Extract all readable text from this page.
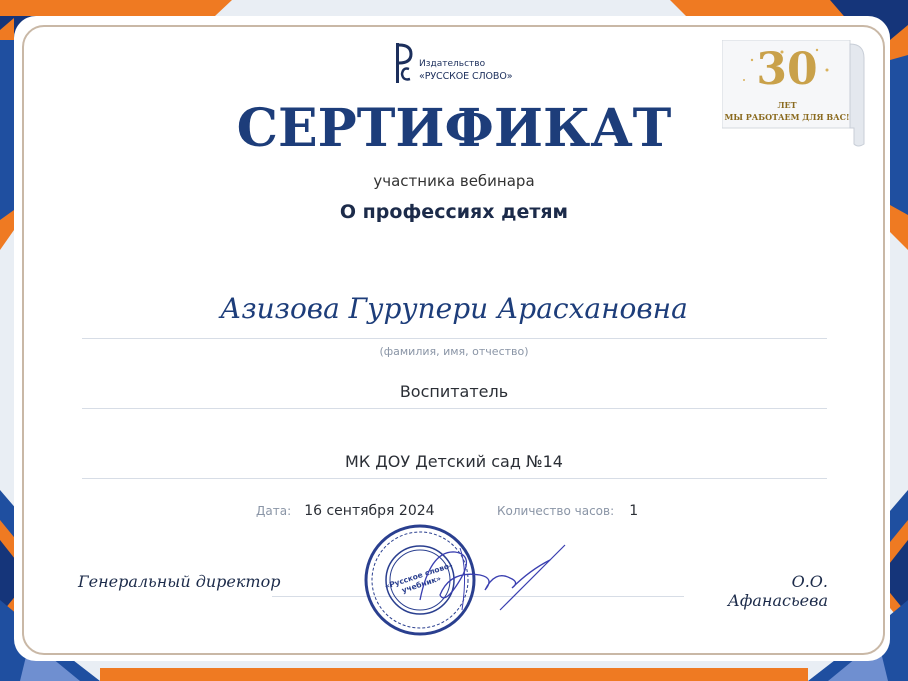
Издательство
«РУССКОЕ СЛОВО»	30
ЛЕТ
МЫ РАБОТАЕМ ДЛЯ ВАС!
СЕРТИФИКАТ
участника вебинара
О профессиях детям
Азизова Гурупери Арасхановна
(фамилия, имя, отчество)
Воспитатель
МК ДОУ Детский сад №14
Дата: 16 сентября 2024	Количество часов: 1
Генеральный директор	О.О. Афанасьева
«Русское слово–учебник»
